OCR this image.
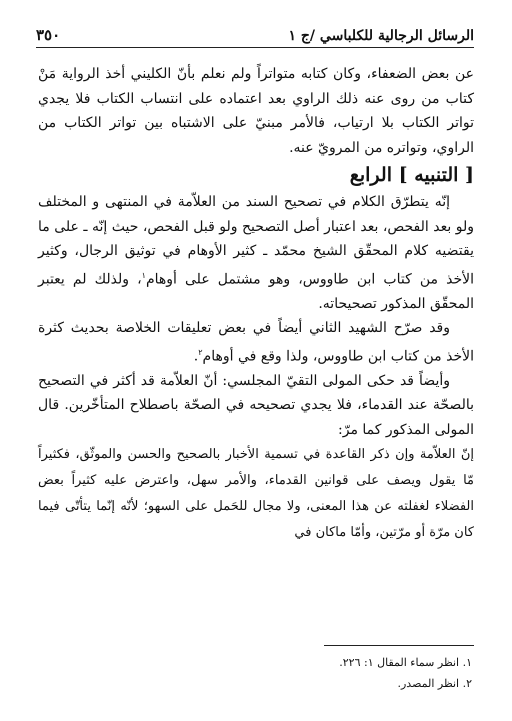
٣٥٠	الرسائل الرجالية للكلباسي /ج ١

عن بعض الضعفاء، وكان كتابه متواتراً ولم نعلم بأنّ الكليني أخذ الرواية مَنْ كتاب من روى عنه ذلك الراوي بعد اعتماده على انتساب الكتاب فلا يجدي تواتر الكتاب بلا ارتياب، فالأمر مبنيّ على الاشتباه بين تواتر الكتاب من الراوي، وتواتره من المرويّ عنه.

[ التنبيه ] الرابع

إنّه يتطرّق الكلام في تصحيح السند من العلاّمة في المنتهى و المختلف ولو بعد الفحص، بعد اعتبار أصل التصحيح ولو قبل الفحص، حيث إنّه ـ على ما يقتضيه كلام المحقّق الشيخ محمّد ـ كثير الأوهام في توثيق الرجال، وكثير الأخذ من كتاب ابن طاووس، وهو مشتمل على أوهام$^١$، ولذلك لم يعتبر المحقّق المذكور تصحيحاته.

وقد صرّح الشهيد الثاني أيضاً في بعض تعليقات الخلاصة بحديث كثرة الأخذ من كتاب ابن طاووس، ولذا وقع في أوهام$^٢$.

وأيضاً قد حكى المولى التقيّ المجلسي: أنّ العلاّمة قد أكثر في التصحيح بالصحّة عند القدماء، فلا يجدي تصحيحه في الصحّة باصطلاح المتأخّرين. قال المولى المذكور كما مرّ:

إنّ العلاّمة وإن ذكر القاعدة في تسمية الأخبار بالصحيح والحسن والموثّق، فكثيراً مّا يقول ويصف على قوانين القدماء، والأمر سهل، واعترض عليه كثيراً بعض الفضلاء لغفلته عن هذا المعنى، ولا مجال للحَمل على السهو؛ لأنّه إنّما يتأتّى فيما كان مرّة أو مرّتين، وأمّا ماكان في

١. انظر سماء المقال ١: ٢٢٦.

٢. انظر المصدر.
